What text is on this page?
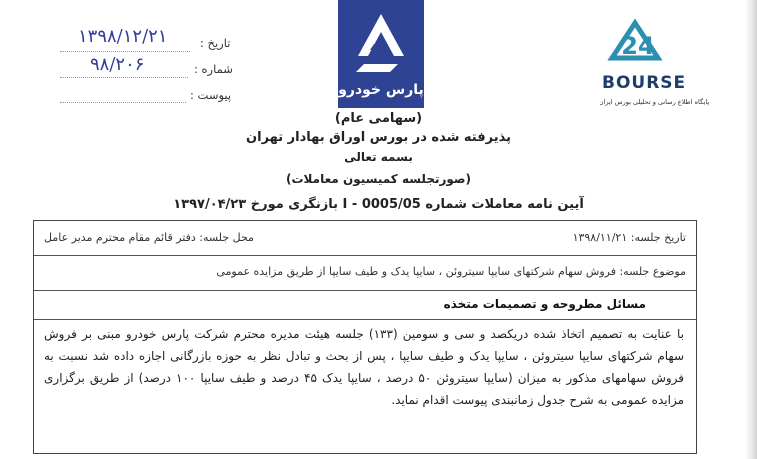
تاریخ :
۱۳۹۸/۱۲/۲۱
شماره :
۹۸/۲۰۶
پیوست :	پارس خودرو
24
BOURSE
پایگاه اطلاع رسانی و تحلیلی بورس ایران
(سهامی عام)
پذیرفته شده در بورس اوراق بهادار تهران
بسمه تعالی
(صورتجلسه کمیسیون معاملات)
آیین نامه معاملات شماره 0005/05 - I بازنگری مورخ ۱۳۹۷/۰۴/۲۳
تاریخ جلسه: ۱۳۹۸/۱۱/۲۱
محل جلسه: دفتر قائم مقام محترم مدیر عامل
موضوع جلسه: فروش سهام شرکتهای سایپا سیتروئن ، سایپا یدک و طیف سایپا از طریق مزایده عمومی
مسائل مطروحه و تصمیمات متخذه
با عنایت به تصمیم اتخاذ شده دریکصد و سی و سومین (۱۳۳) جلسه هیئت مدیره محترم شرکت پارس خودرو مبنی بر فروش سهام شرکتهای سایپا سیتروئن ، سایپا یدک و طیف سایپا ، پس از بحث و تبادل نظر به حوزه بازرگانی اجازه داده شد نسبت به فروش سهامهای مذکور به میزان (سایپا سیتروئن ۵۰ درصد ، سایپا یدک ۴۵ درصد و طیف سایپا ۱۰۰ درصد) از طریق برگزاری مزایده عمومی به شرح جدول زمانبندی پیوست اقدام نماید.
